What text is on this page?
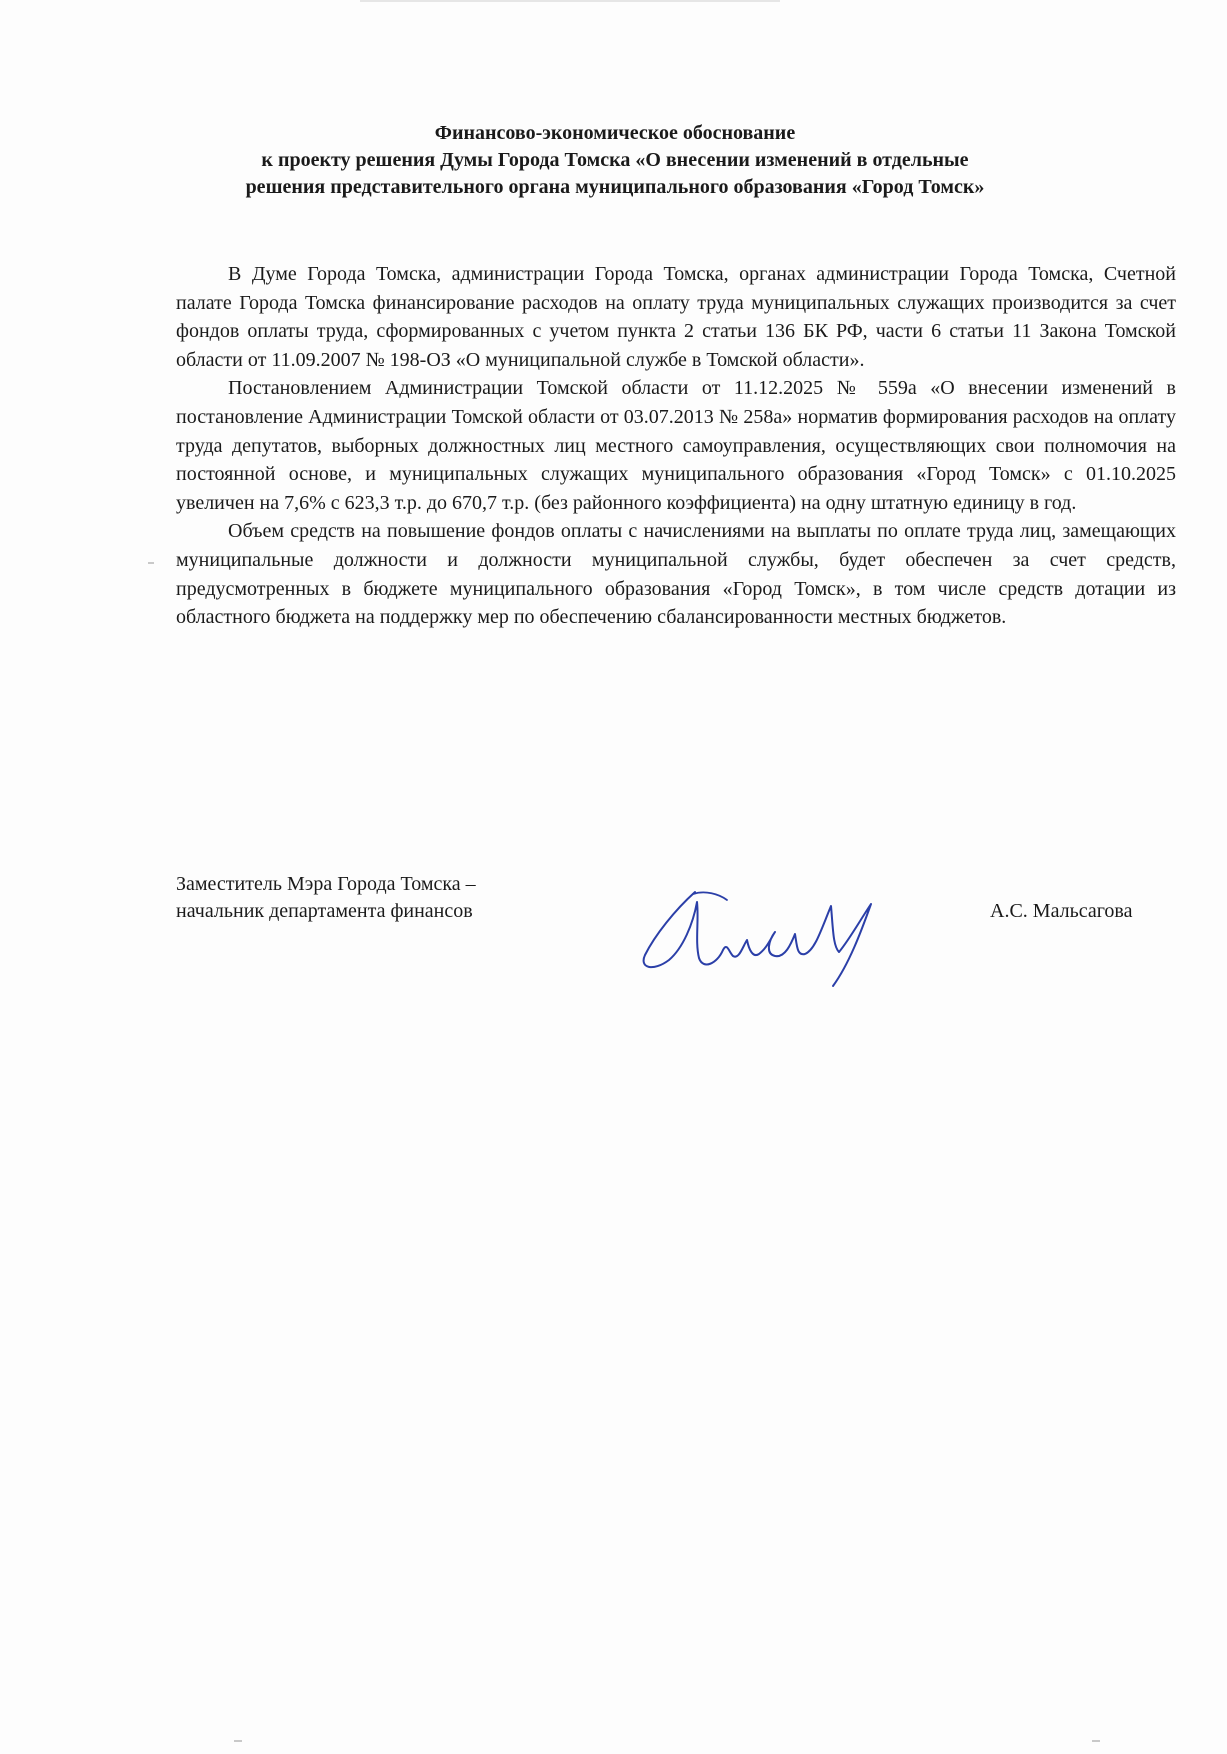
Финансово-экономическое обоснование
к проекту решения Думы Города Томска «О внесении изменений в отдельные
решения представительного органа муниципального образования «Город Томск»

В Думе Города Томска, администрации Города Томска, органах администрации Города Томска, Счетной палате Города Томска финансирование расходов на оплату труда муниципальных служащих производится за счет фондов оплаты труда, сформированных с учетом пункта 2 статьи 136 БК РФ, части 6 статьи 11 Закона Томской области от 11.09.2007 № 198-ОЗ «О муниципальной службе в Томской области».

Постановлением Администрации Томской области от 11.12.2025 № 559а «О внесении изменений в постановление Администрации Томской области от 03.07.2013 № 258а» норматив формирования расходов на оплату труда депутатов, выборных должностных лиц местного самоуправления, осуществляющих свои полномочия на постоянной основе, и муниципальных служащих муниципального образования «Город Томск» с 01.10.2025 увеличен на 7,6% с 623,3 т.р. до 670,7 т.р. (без районного коэффициента) на одну штатную единицу в год.

Объем средств на повышение фондов оплаты с начислениями на выплаты по оплате труда лиц, замещающих муниципальные должности и должности муниципальной службы, будет обеспечен за счет средств, предусмотренных в бюджете муниципального образования «Город Томск», в том числе средств дотации из областного бюджета на поддержку мер по обеспечению сбалансированности местных бюджетов.

Заместитель Мэра Города Томска –
начальник департамента финансов	А.С. Мальсагова
